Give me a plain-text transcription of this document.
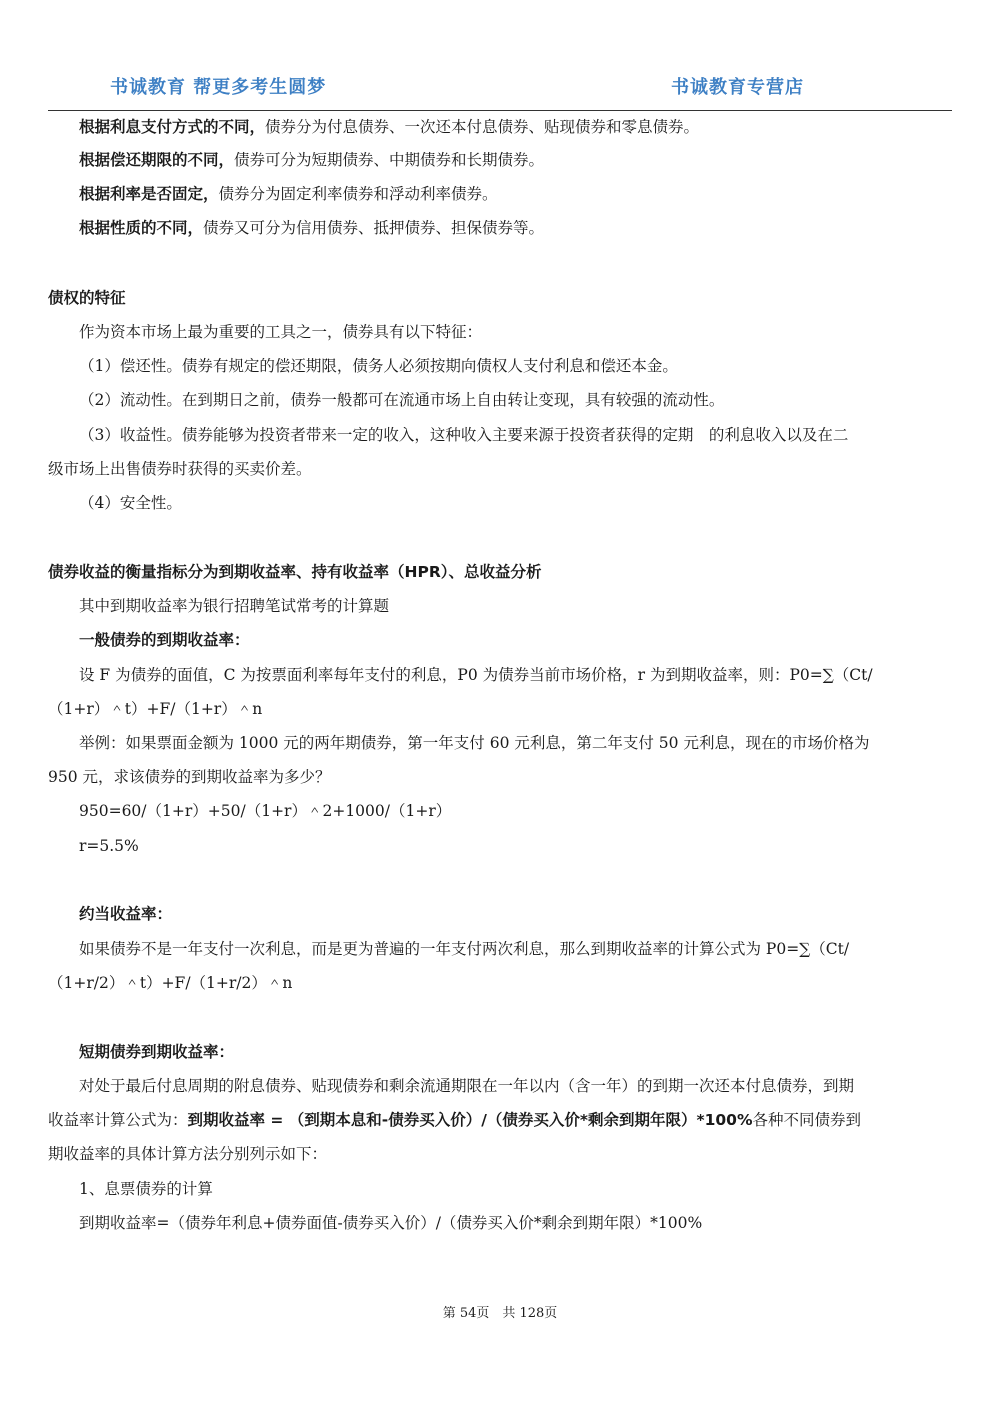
书诚教育 帮更多考生圆梦	书诚教育专营店
根据利息支付方式的不同，债券分为付息债券、一次还本付息债券、贴现债券和零息债券。
根据偿还期限的不同，债券可分为短期债券、中期债券和长期债券。
根据利率是否固定，债券分为固定利率债券和浮动利率债券。
根据性质的不同，债券又可分为信用债券、抵押债券、担保债券等。
债权的特征
作为资本市场上最为重要的工具之一，债券具有以下特征：
（1）偿还性。债券有规定的偿还期限，债务人必须按期向债权人支付利息和偿还本金。
（2）流动性。在到期日之前，债券一般都可在流通市场上自由转让变现，具有较强的流动性。
（3）收益性。债券能够为投资者带来一定的收入，这种收入主要来源于投资者获得的定期　的利息收入以及在二
级市场上出售债券时获得的买卖价差。
（4）安全性。
债券收益的衡量指标分为到期收益率、持有收益率（HPR）、总收益分析
其中到期收益率为银行招聘笔试常考的计算题
一般债券的到期收益率：
设 F 为债券的面值，C 为按票面利率每年支付的利息，P0 为债券当前市场价格，r 为到期收益率，则：P0=∑（Ct/
（1+r）＾t）+F/（1+r）＾n
举例：如果票面金额为 1000 元的两年期债券，第一年支付 60 元利息，第二年支付 50 元利息，现在的市场价格为
950 元，求该债券的到期收益率为多少？
950=60/（1+r）+50/（1+r）＾2+1000/（1+r）
r=5.5%
约当收益率：
如果债券不是一年支付一次利息，而是更为普遍的一年支付两次利息，那么到期收益率的计算公式为 P0=∑（Ct/
（1+r/2）＾t）+F/（1+r/2）＾n
短期债券到期收益率：
对处于最后付息周期的附息债券、贴现债券和剩余流通期限在一年以内（含一年）的到期一次还本付息债券，到期
收益率计算公式为：到期收益率 = （到期本息和-债券买入价）/（债券买入价*剩余到期年限）*100%各种不同债券到
期收益率的具体计算方法分别列示如下：
1、息票债券的计算
到期收益率=（债券年利息+债券面值-债券买入价）/（债券买入价*剩余到期年限）*100%
第 54页　共 128页
